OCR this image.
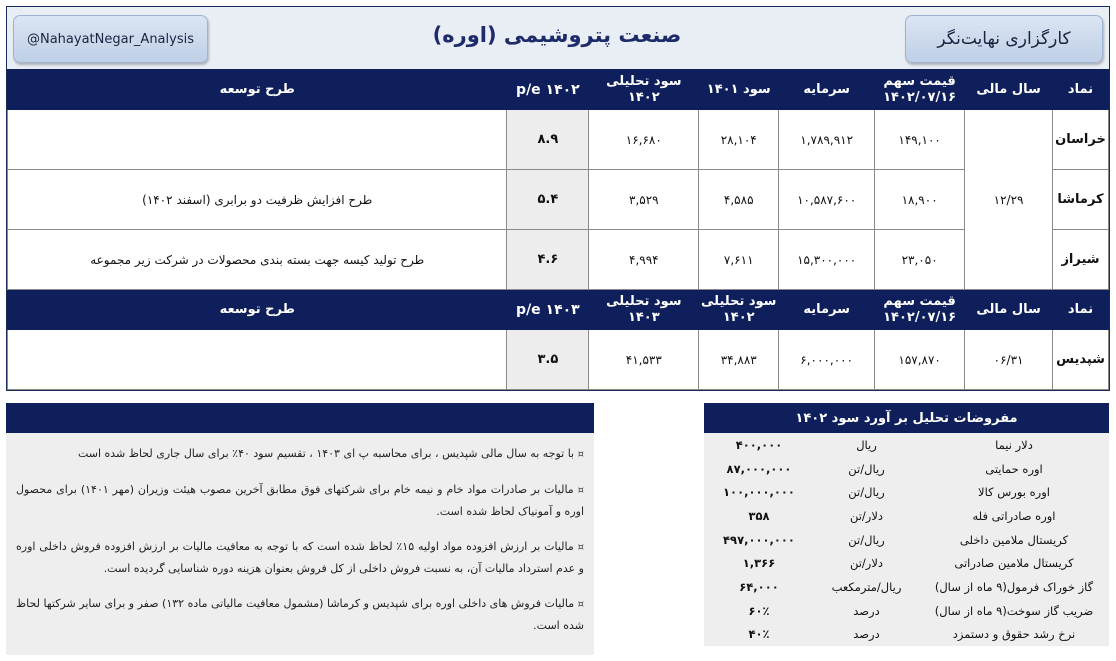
@NahayatNegar_Analysis	صنعت پتروشیمی (اوره)	کارگزاری نهایت‌نگر
نماد	سال مالی	قیمت سهم ۱۴۰۲/۰۷/۱۶	سرمایه	سود ۱۴۰۱	سود تحلیلی ۱۴۰۲	p/e ۱۴۰۲	طرح توسعه
خراسان	۱۲/۲۹	۱۴۹,۱۰۰	۱,۷۸۹,۹۱۲	۲۸,۱۰۴	۱۶,۶۸۰	۸.۹	
کرماشا		۱۸,۹۰۰	۱۰,۵۸۷,۶۰۰	۴,۵۸۵	۳,۵۲۹	۵.۴	طرح افزایش ظرفیت دو برابری (اسفند ۱۴۰۲)
شیراز		۲۳,۰۵۰	۱۵,۳۰۰,۰۰۰	۷,۶۱۱	۴,۹۹۴	۴.۶	طرح تولید کیسه جهت بسته بندی محصولات در شرکت زیر مجموعه
نماد	سال مالی	قیمت سهم ۱۴۰۲/۰۷/۱۶	سرمایه	سود تحلیلی ۱۴۰۲	سود تحلیلی ۱۴۰۳	p/e ۱۴۰۳	طرح توسعه
شپدیس	۰۶/۳۱	۱۵۷,۸۷۰	۶,۰۰۰,۰۰۰	۳۴,۸۸۳	۴۱,۵۳۳	۳.۵	

¤ با توجه به سال مالی شپدیس ، برای محاسبه پ ای ۱۴۰۳ ، تقسیم سود ۴۰٪ برای سال جاری لحاظ شده است

¤ مالیات بر صادرات مواد خام و نیمه خام برای شرکتهای فوق مطابق آخرین مصوب هیئت وزیران (مهر ۱۴۰۱) برای محصول اوره و آمونیاک لحاظ شده است.

¤ مالیات بر ارزش افزوده مواد اولیه ۱۵٪ لحاظ شده است که با توجه به معافیت مالیات بر ارزش افزوده فروش داخلی اوره و عدم استرداد مالیات آن، به نسبت فروش داخلی از کل فروش بعنوان هزینه دوره شناسایی گردیده است.

¤ مالیات فروش های داخلی اوره برای شپدیس و کرماشا (مشمول معافیت مالیاتی ماده ۱۳۲) صفر و برای سایر شرکتها لحاظ شده است.

مفروضات تحلیل بر آورد سود ۱۴۰۲
دلار نیما	ریال	۴۰۰,۰۰۰
اوره حمایتی	ریال/تن	۸۷,۰۰۰,۰۰۰
اوره بورس کالا	ریال/تن	۱۰۰,۰۰۰,۰۰۰
اوره صادراتی فله	دلار/تن	۳۵۸
کریستال ملامین داخلی	ریال/تن	۴۹۷,۰۰۰,۰۰۰
کریستال ملامین صادراتی	دلار/تن	۱,۳۶۶
گاز خوراک فرمول(۹ ماه از سال)	ریال/مترمکعب	۶۴,۰۰۰
ضریب گاز سوخت(۹ ماه از سال)	درصد	۶۰٪
نرخ رشد حقوق و دستمزد	درصد	۴۰٪
